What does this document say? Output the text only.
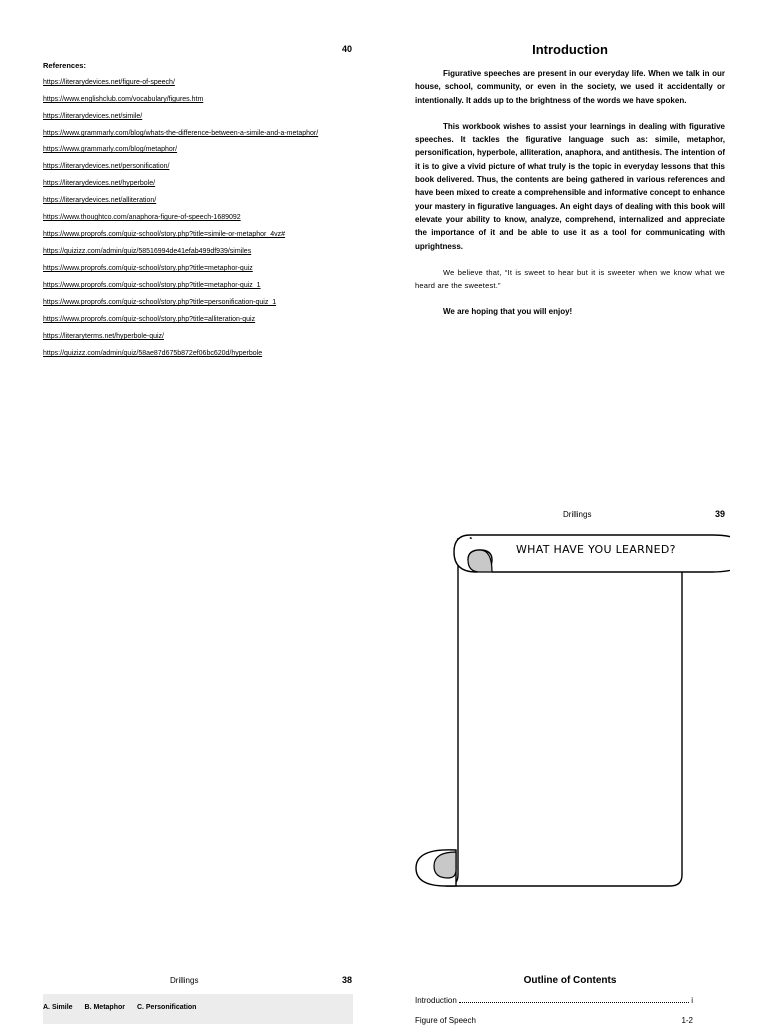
40
References:
https://literarydevices.net/figure-of-speech/
https://www.englishclub.com/vocabulary/figures.htm
https://literarydevices.net/simile/
https://www.grammarly.com/blog/whats-the-difference-between-a-simile-and-a-metaphor/
https://www.grammarly.com/blog/metaphor/
https://literarydevices.net/personification/
https://literarydevices.net/hyperbole/
https://literarydevices.net/alliteration/
https://www.thoughtco.com/anaphora-figure-of-speech-1689092
https://www.proprofs.com/quiz-school/story.php?title=simile-or-metaphor_4vz#
https://quizizz.com/admin/quiz/58516994de41efab499df939/similes
https://www.proprofs.com/quiz-school/story.php?title=metaphor-quiz
https://www.proprofs.com/quiz-school/story.php?title=metaphor-quiz_1
https://www.proprofs.com/quiz-school/story.php?title=personification-quiz_1
https://www.proprofs.com/quiz-school/story.php?title=alliteration-quiz
https://literaryterms.net/hyperbole-quiz/
https://quizizz.com/admin/quiz/58ae87d675b872ef06bc620d/hyperbole
Introduction

Figurative speeches are present in our everyday life. When we talk in our house, school, community, or even in the society, we used it accidentally or intentionally. It adds up to the brightness of the words we have spoken.

This workbook wishes to assist your learnings in dealing with figurative speeches. It tackles the figurative language such as: simile, metaphor, personification, hyperbole, alliteration, anaphora, and antithesis. The intention of it is to give a vivid picture of what truly is the topic in everyday lessons that this book delivered. Thus, the contents are being gathered in various references and have been mixed to create a comprehensible and informative concept to enhance your mastery in figurative languages. An eight days of dealing with this book will elevate your ability to know, analyze, comprehend, internalized and appreciate the importance of it and be able to use it as a tool for communicating with uprightness.

We believe that, “It is sweet to hear but it is sweeter when we know what we heard are the sweetest.”

We are hoping that you will enjoy!

Drillings	39
WHAT HAVE YOU LEARNED?
Drillings	38
A. Simile B. Metaphor C. Personification
Outline of Contents
Introduction	i
Figure of Speech	1-2
